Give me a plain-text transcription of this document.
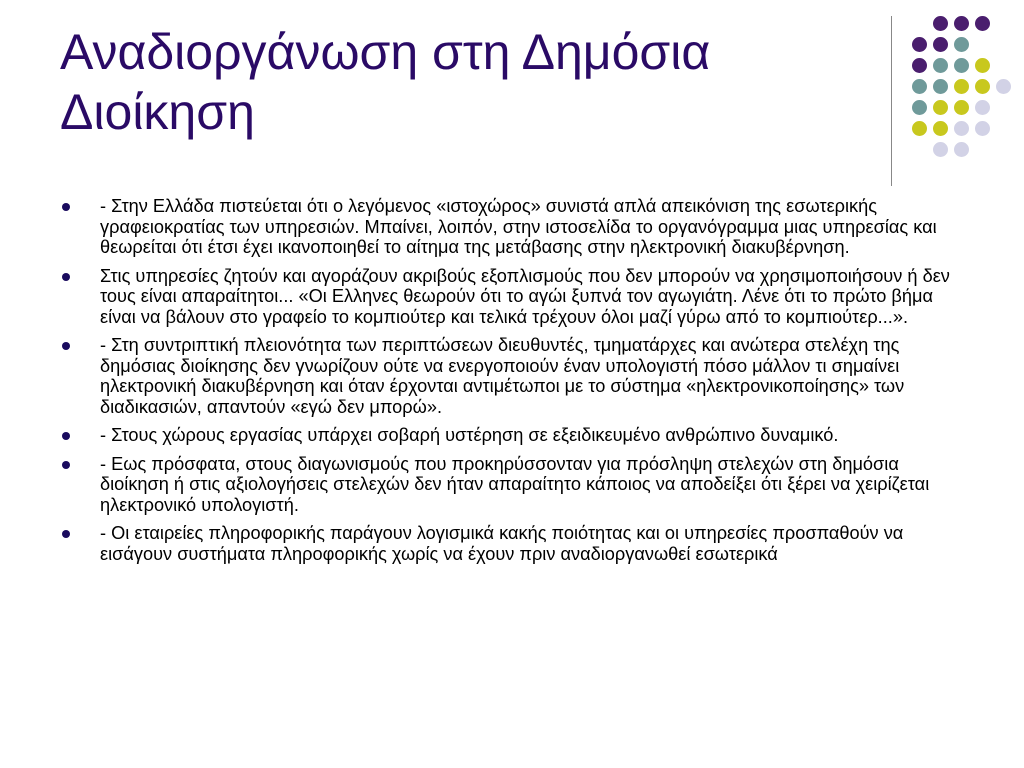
Αναδιοργάνωση στη Δημόσια Διοίκηση
- Στην Ελλάδα πιστεύεται ότι ο λεγόμενος «ιστοχώρος» συνιστά απλά απεικόνιση της εσωτερικής γραφειοκρατίας των υπηρεσιών. Μπαίνει, λοιπόν, στην ιστοσελίδα το οργανόγραμμα μιας υπηρεσίας και θεωρείται ότι έτσι έχει ικανοποιηθεί το αίτημα της μετάβασης στην ηλεκτρονική διακυβέρνηση.
Στις υπηρεσίες ζητούν και αγοράζουν ακριβούς εξοπλισμούς που δεν μπορούν να χρησιμοποιήσουν ή δεν τους είναι απαραίτητοι... «Οι Ελληνες θεωρούν ότι το αγώι ξυπνά τον αγωγιάτη. Λένε ότι το πρώτο βήμα είναι να βάλουν στο γραφείο το κομπιούτερ και τελικά τρέχουν όλοι μαζί γύρω από το κομπιούτερ...».
- Στη συντριπτική πλειονότητα των περιπτώσεων διευθυντές, τμηματάρχες και ανώτερα στελέχη της δημόσιας διοίκησης δεν γνωρίζουν ούτε να ενεργοποιούν έναν υπολογιστή πόσο μάλλον τι σημαίνει ηλεκτρονική διακυβέρνηση και όταν έρχονται αντιμέτωποι με το σύστημα «ηλεκτρονικοποίησης» των διαδικασιών, απαντούν «εγώ δεν μπορώ».
- Στους χώρους εργασίας υπάρχει σοβαρή υστέρηση σε εξειδικευμένο ανθρώπινο δυναμικό.
- Εως πρόσφατα, στους διαγωνισμούς που προκηρύσσονταν για πρόσληψη στελεχών στη δημόσια διοίκηση ή στις αξιολογήσεις στελεχών δεν ήταν απαραίτητο κάποιος να αποδείξει ότι ξέρει να χειρίζεται ηλεκτρονικό υπολογιστή.
- Οι εταιρείες πληροφορικής παράγουν λογισμικά κακής ποιότητας και οι υπηρεσίες προσπαθούν να εισάγουν συστήματα πληροφορικής χωρίς να έχουν πριν αναδιοργανωθεί εσωτερικά
